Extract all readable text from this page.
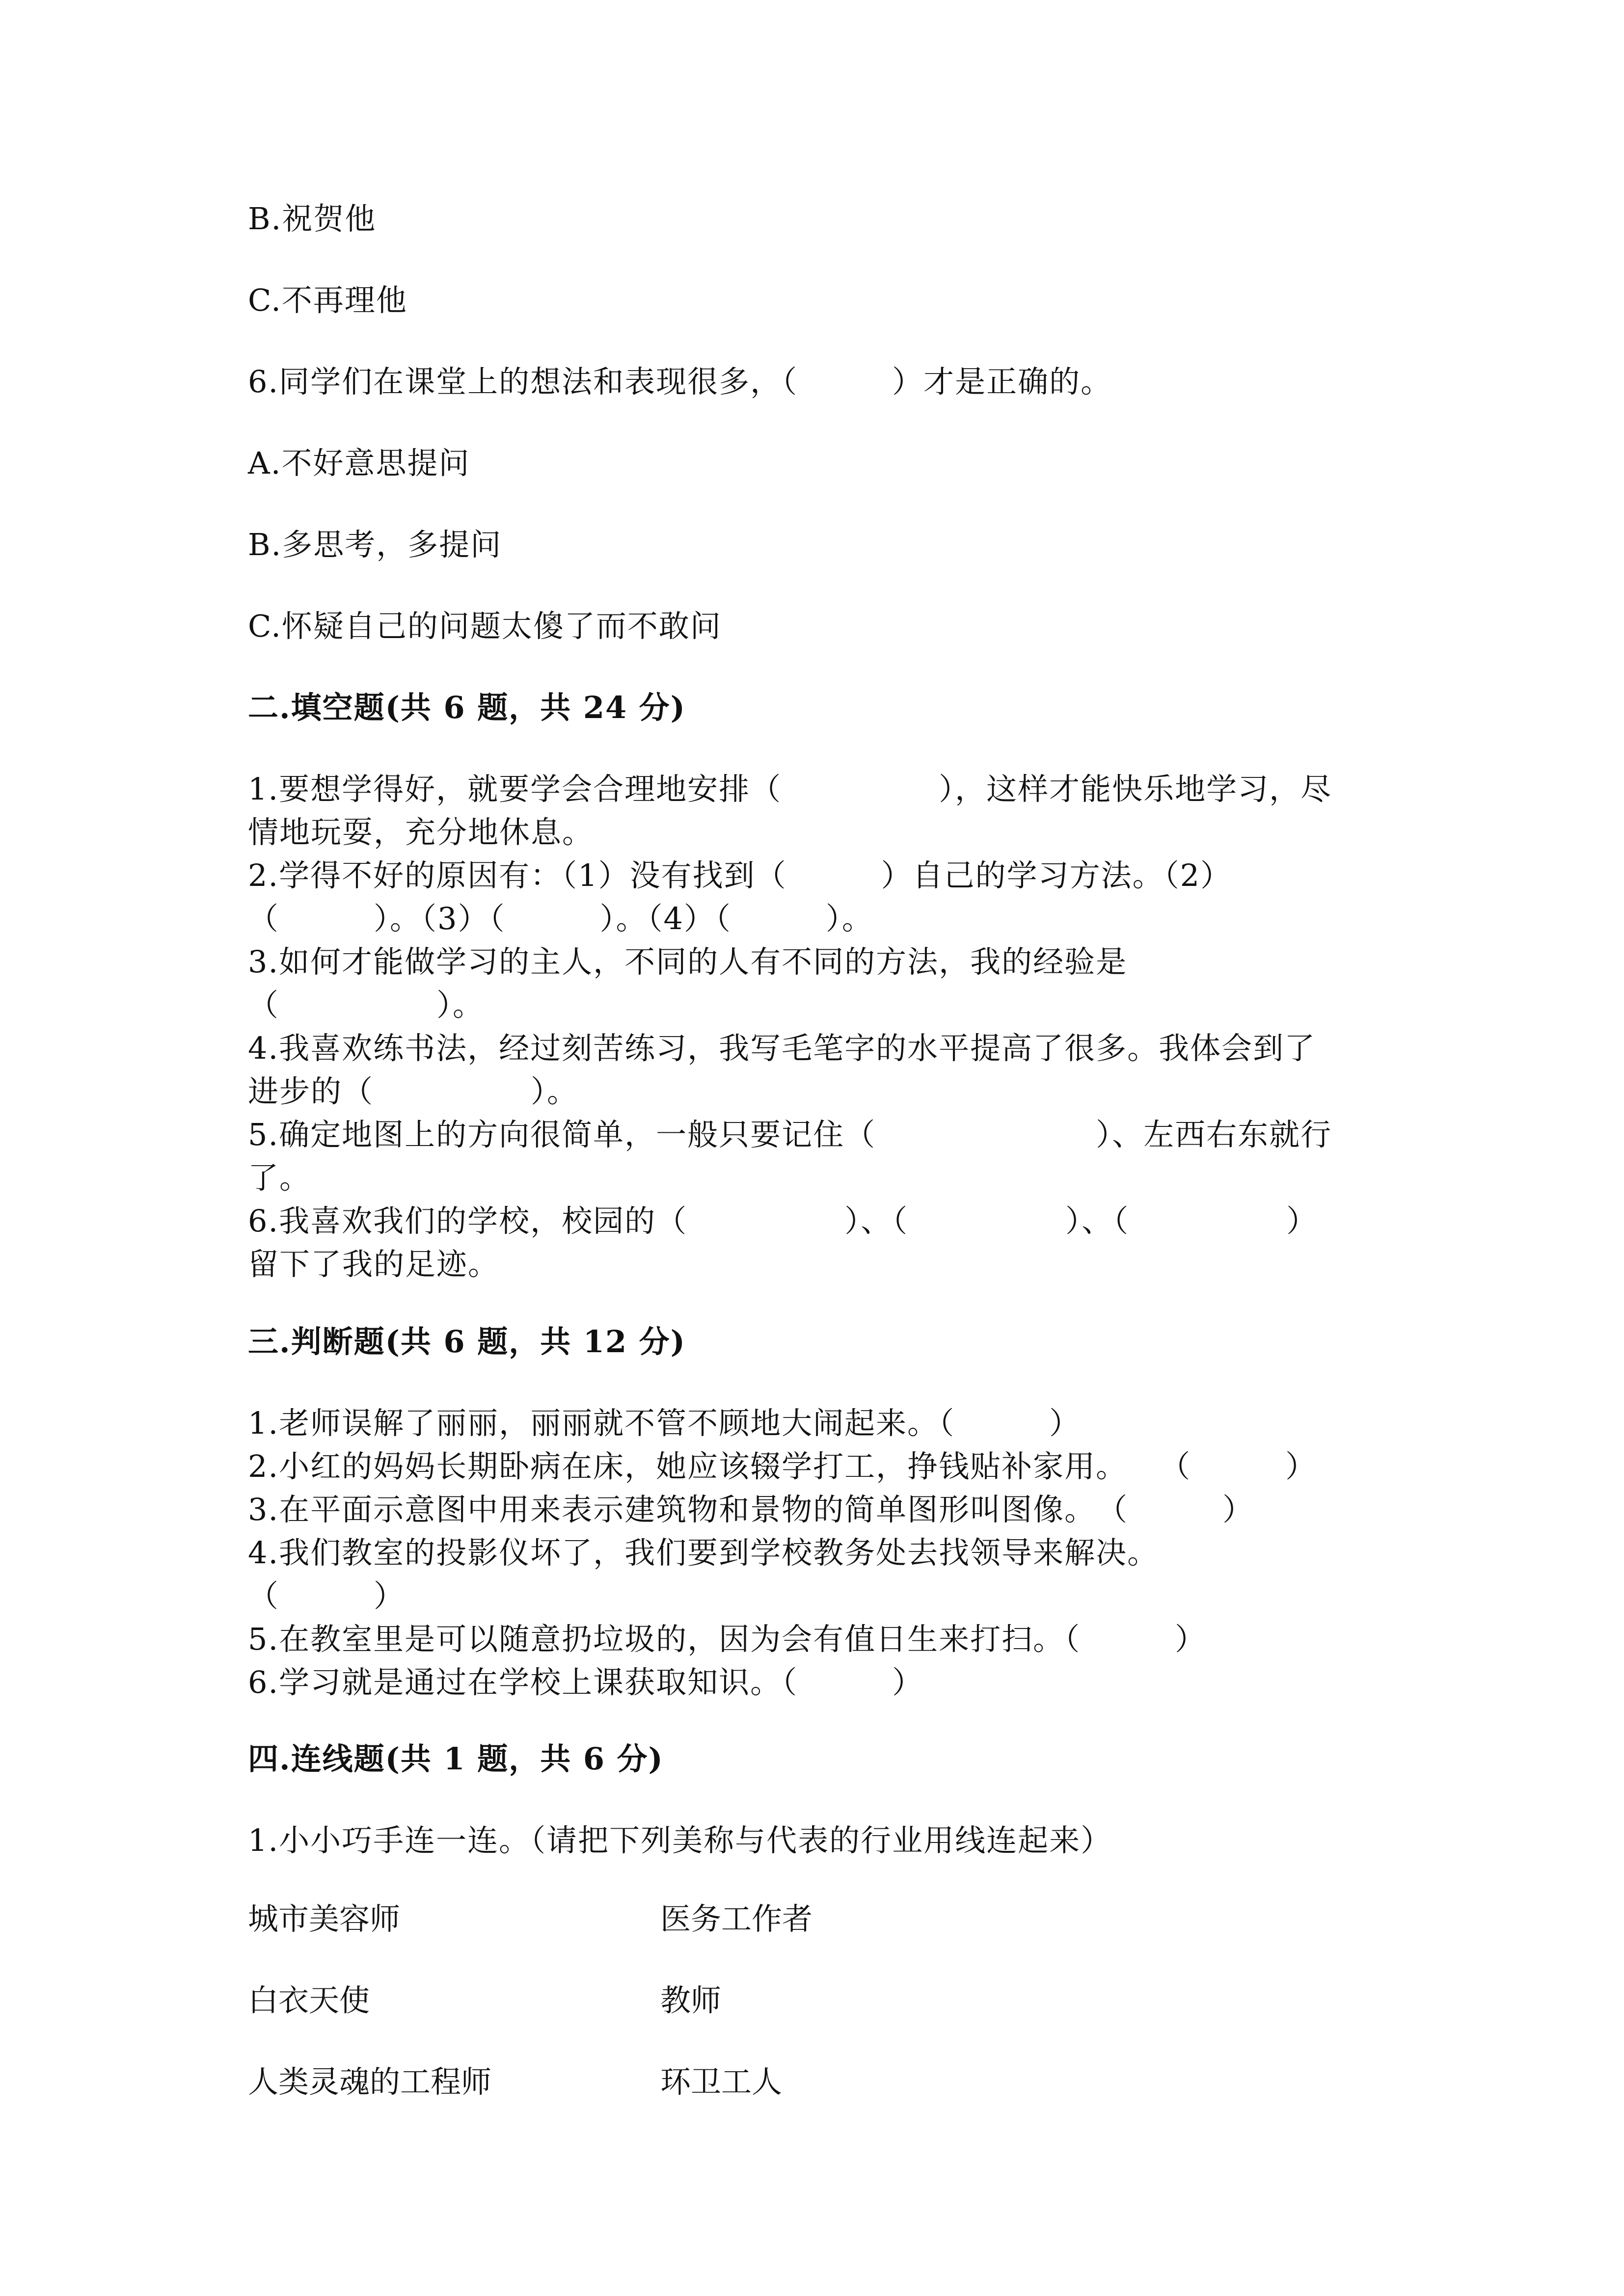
B.祝贺他

C.不再理他

6.同学们在课堂上的想法和表现很多，（　　　）才是正确的。

A.不好意思提问

B.多思考，多提问

C.怀疑自己的问题太傻了而不敢问

二.填空题(共 6 题，共 24 分)

1.要想学得好，就要学会合理地安排（　　　　　），这样才能快乐地学习，尽

情地玩耍，充分地休息。

2.学得不好的原因有：（1）没有找到（　　　）自己的学习方法。（2）

（　　　）。（3）（　　　）。（4）（　　　）。

3.如何才能做学习的主人，不同的人有不同的方法，我的经验是

（　　　　　）。

4.我喜欢练书法，经过刻苦练习，我写毛笔字的水平提高了很多。我体会到了

进步的（　　　　　）。

5.确定地图上的方向很简单，一般只要记住（　　　　　　　）、左西右东就行

了。

6.我喜欢我们的学校，校园的（　　　　　）、（　　　　　）、（　　　　　）

留下了我的足迹。

三.判断题(共 6 题，共 12 分)

1.老师误解了丽丽，丽丽就不管不顾地大闹起来。（　　　）

2.小红的妈妈长期卧病在床，她应该辍学打工，挣钱贴补家用。　　（　　　）

3.在平面示意图中用来表示建筑物和景物的简单图形叫图像。　（　　　）

4.我们教室的投影仪坏了，我们要到学校教务处去找领导来解决。

（　　　）

5.在教室里是可以随意扔垃圾的，因为会有值日生来打扫。（　　　）

6.学习就是通过在学校上课获取知识。（　　　）

四.连线题(共 1 题，共 6 分)

1.小小巧手连一连。（请把下列美称与代表的行业用线连起来）

城市美容师	医务工作者

白衣天使	教师

人类灵魂的工程师	环卫工人
